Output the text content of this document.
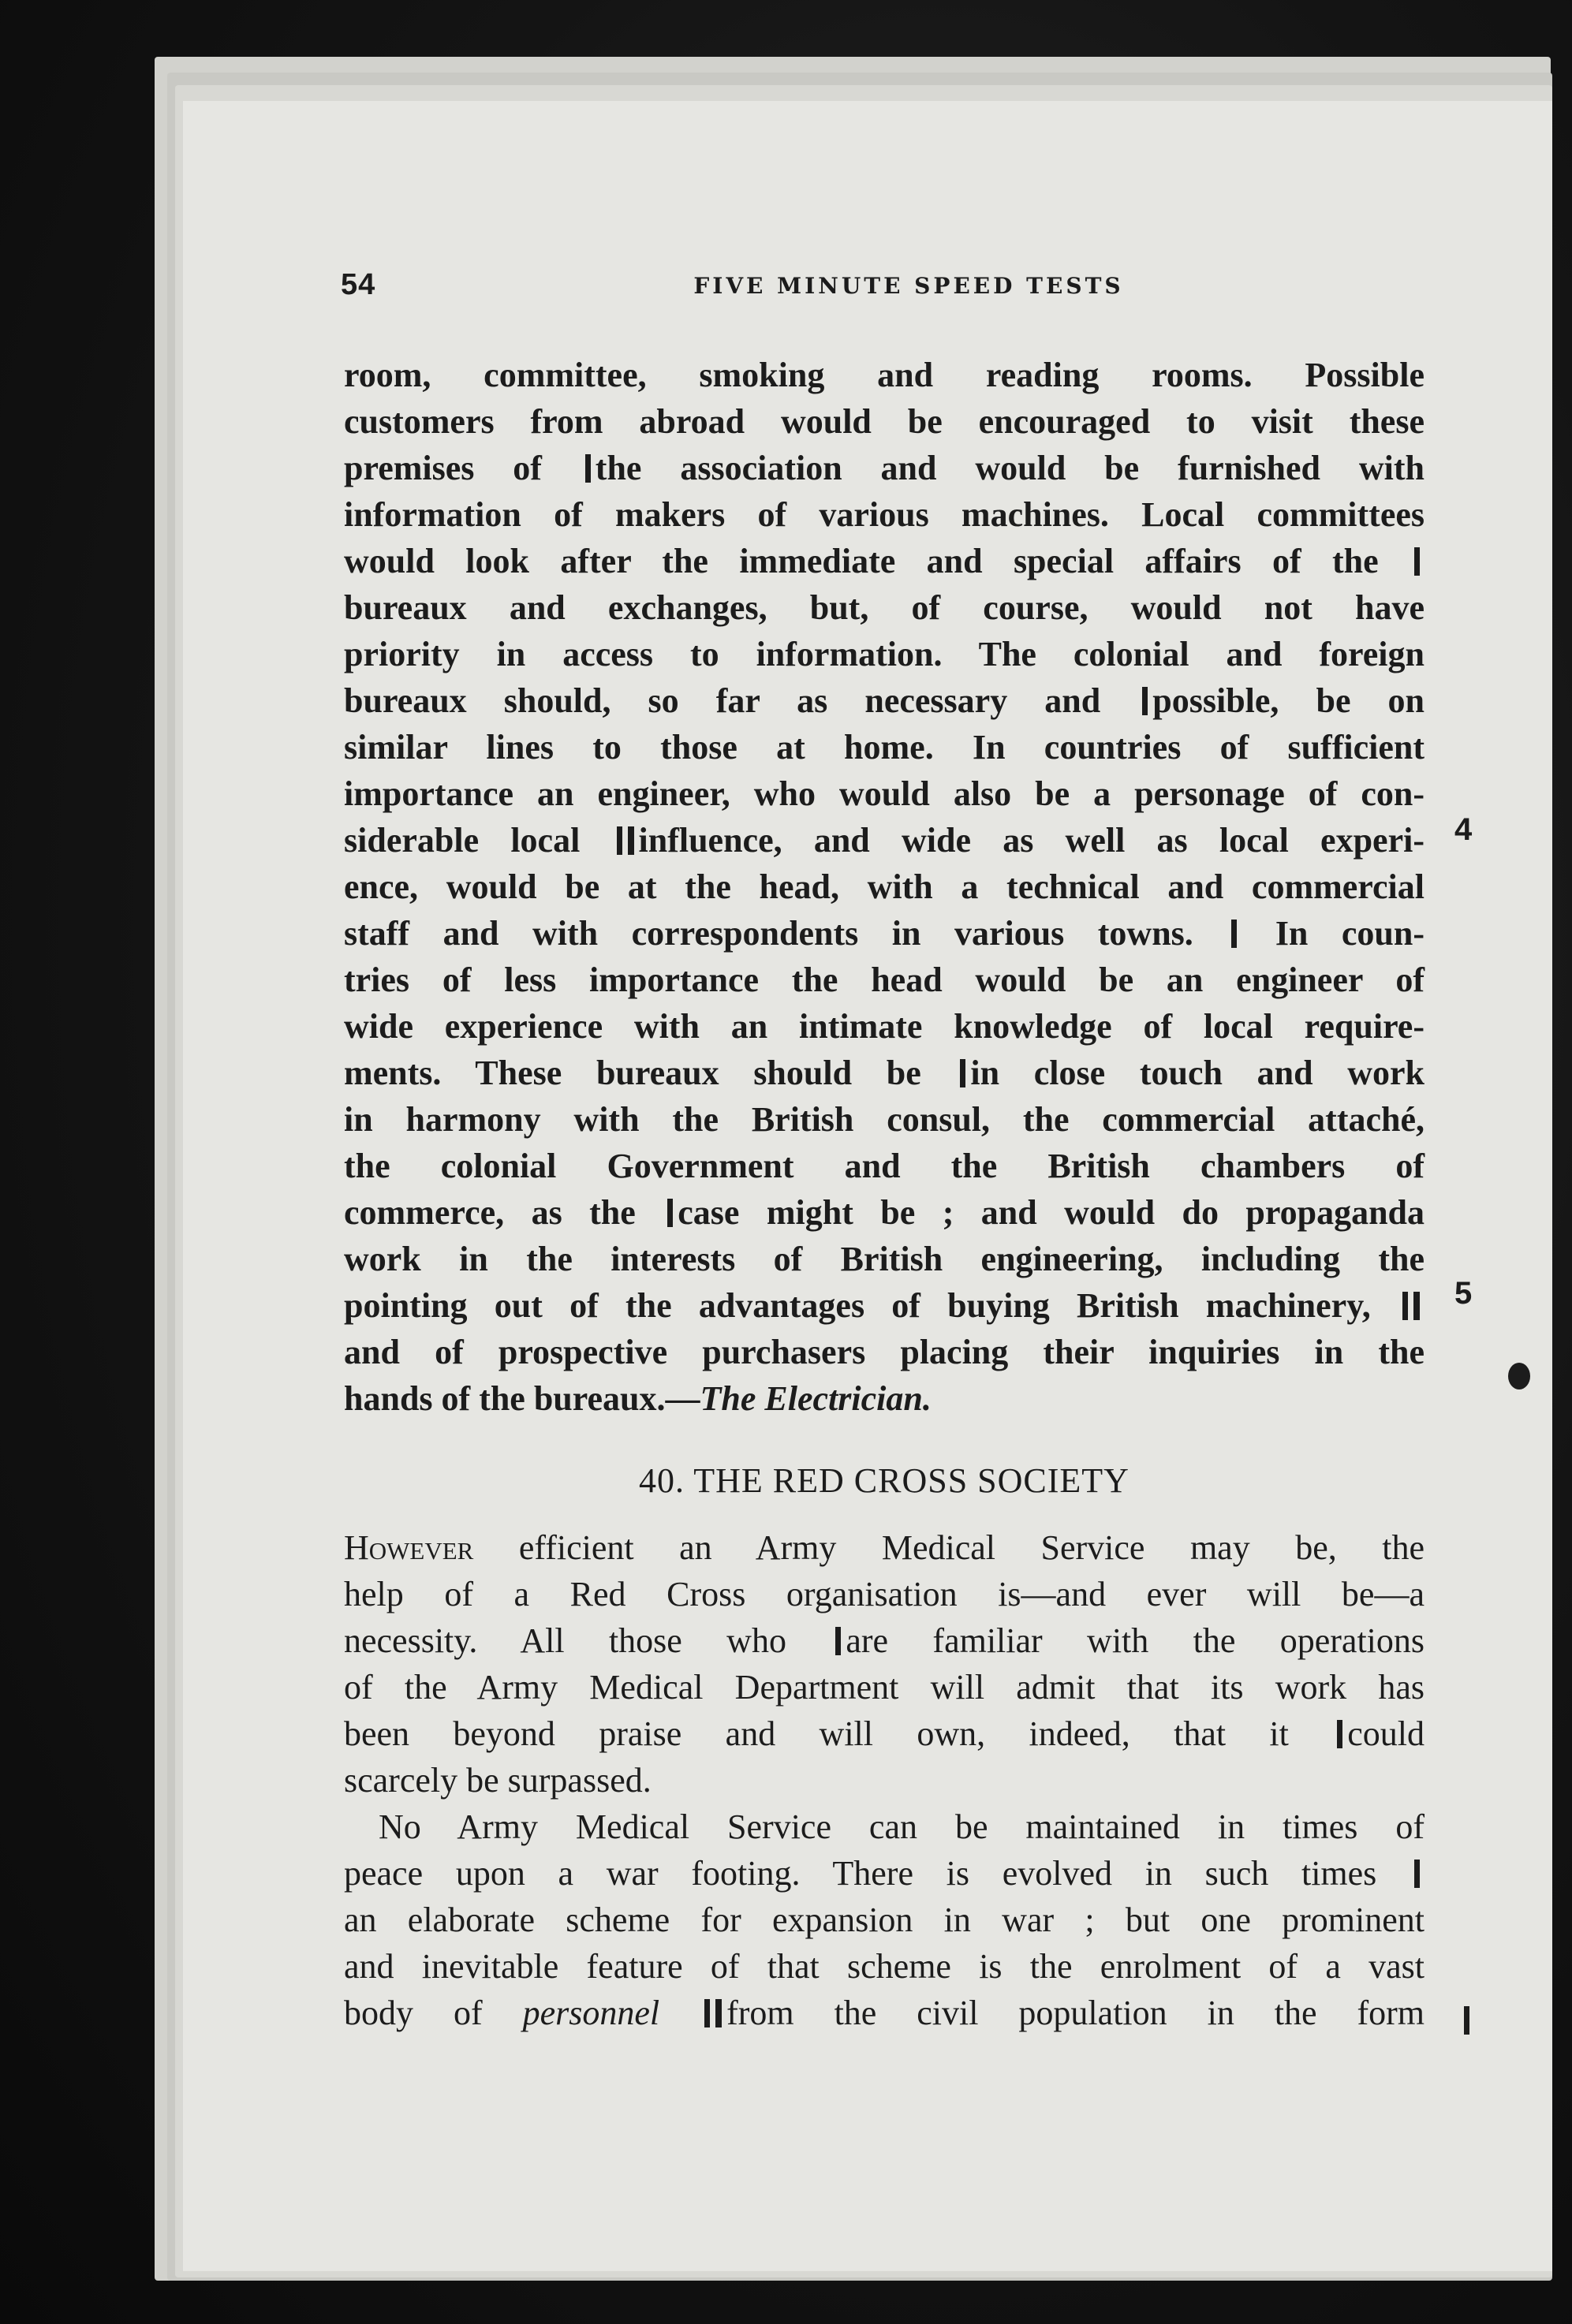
54	FIVE MINUTE SPEED TESTS
room, committee, smoking and reading rooms. Possible
customers from abroad would be encouraged to visit these
premises of the association and would be furnished with
information of makers of various machines. Local committees
would look after the immediate and special affairs of the
bureaux and exchanges, but, of course, would not have
priority in access to information. The colonial and foreign
bureaux should, so far as necessary and possible, be on
similar lines to those at home. In countries of sufficient
importance an engineer, who would also be a personage of con-
siderable local influence, and wide as well as local experi-
ence, would be at the head, with a technical and commercial
staff and with correspondents in various towns. In coun-
tries of less importance the head would be an engineer of
wide experience with an intimate knowledge of local require-
ments. These bureaux should be in close touch and work
in harmony with the British consul, the commercial attaché,
the colonial Government and the British chambers of
commerce, as the case might be ; and would do propaganda
work in the interests of British engineering, including the
pointing out of the advantages of buying British machinery,
and of prospective purchasers placing their inquiries in the
hands of the bureaux.—The Electrician.
40. THE RED CROSS SOCIETY
However efficient an Army Medical Service may be, the
help of a Red Cross organisation is—and ever will be—a
necessity. All those who are familiar with the operations
of the Army Medical Department will admit that its work has
been beyond praise and will own, indeed, that it could
scarcely be surpassed.
No Army Medical Service can be maintained in times of
peace upon a war footing. There is evolved in such times
an elaborate scheme for expansion in war ; but one prominent
and inevitable feature of that scheme is the enrolment of a vast
body of personnel from the civil population in the form
4
5
